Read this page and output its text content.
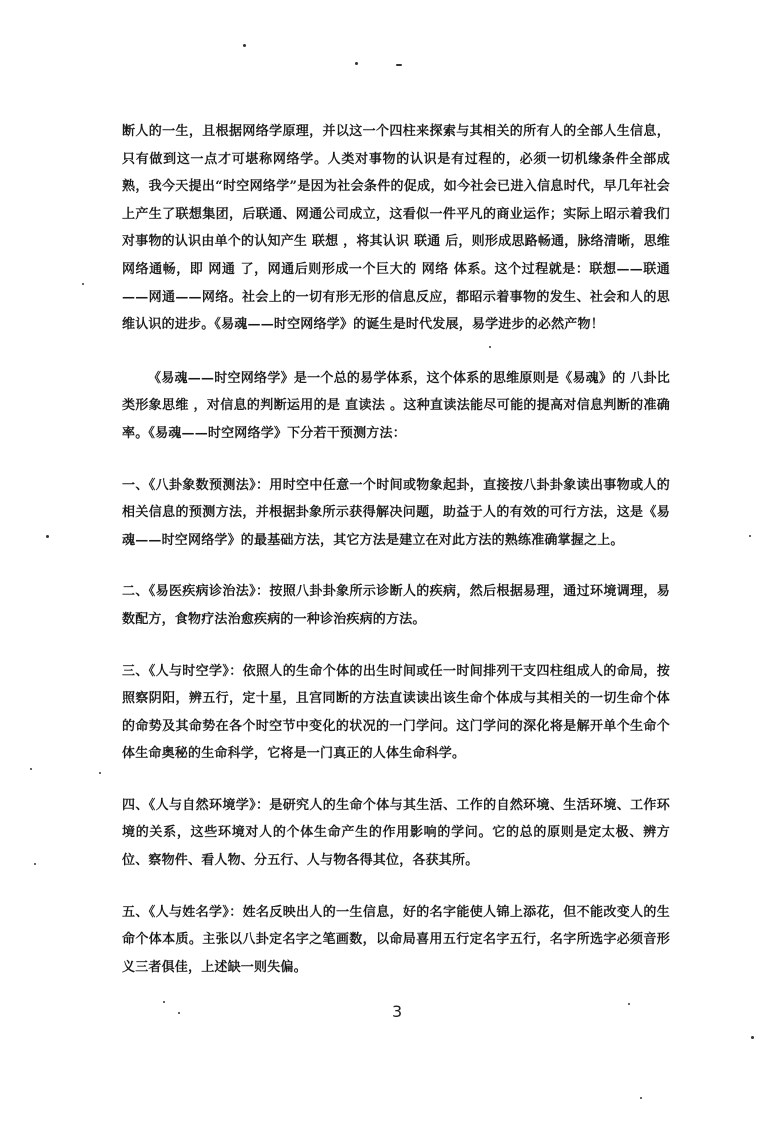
断人的一生，且根据网络学原理，并以这一个四柱来探索与其相关的所有人的全部人生信息，只有做到这一点才可堪称网络学。人类对事物的认识是有过程的，必须一切机缘条件全部成熟，我今天提出“时空网络学”是因为社会条件的促成，如今社会已进入信息时代，早几年社会上产生了联想集团，后联通、网通公司成立，这看似一件平凡的商业运作；实际上昭示着我们对事物的认识由单个的认知产生 联想 ，将其认识 联通 后，则形成思路畅通，脉络清晰，思维网络通畅，即 网通 了，网通后则形成一个巨大的 网络 体系。这个过程就是：联想——联通——网通——网络。社会上的一切有形无形的信息反应，都昭示着事物的发生、社会和人的思维认识的进步。《易魂——时空网络学》的诞生是时代发展，易学进步的必然产物！

《易魂——时空网络学》是一个总的易学体系，这个体系的思维原则是《易魂》的 八卦比类形象思维 ，对信息的判断运用的是 直读法 。这种直读法能尽可能的提高对信息判断的准确率。《易魂——时空网络学》下分若干预测方法：

一、《八卦象数预测法》：用时空中任意一个时间或物象起卦，直接按八卦卦象读出事物或人的相关信息的预测方法，并根据卦象所示获得解决问题，助益于人的有效的可行方法，这是《易魂——时空网络学》的最基础方法，其它方法是建立在对此方法的熟练准确掌握之上。

二、《易医疾病诊治法》：按照八卦卦象所示诊断人的疾病，然后根据易理，通过环境调理，易数配方，食物疗法治愈疾病的一种诊治疾病的方法。

三、《人与时空学》：依照人的生命个体的出生时间或任一时间排列干支四柱组成人的命局，按照察阴阳，辨五行，定十星，且宫同断的方法直读读出该生命个体成与其相关的一切生命个体的命势及其命势在各个时空节中变化的状况的一门学问。这门学问的深化将是解开单个生命个体生命奥秘的生命科学，它将是一门真正的人体生命科学。

四、《人与自然环境学》：是研究人的生命个体与其生活、工作的自然环境、生活环境、工作环境的关系，这些环境对人的个体生命产生的作用影响的学问。它的总的原则是定太极、辨方位、察物件、看人物、分五行、人与物各得其位，各获其所。

五、《人与姓名学》：姓名反映出人的一生信息，好的名字能使人锦上添花，但不能改变人的生命个体本质。主张以八卦定名字之笔画数，以命局喜用五行定名字五行，名字所选字必须音形义三者俱佳，上述缺一则失偏。

3
